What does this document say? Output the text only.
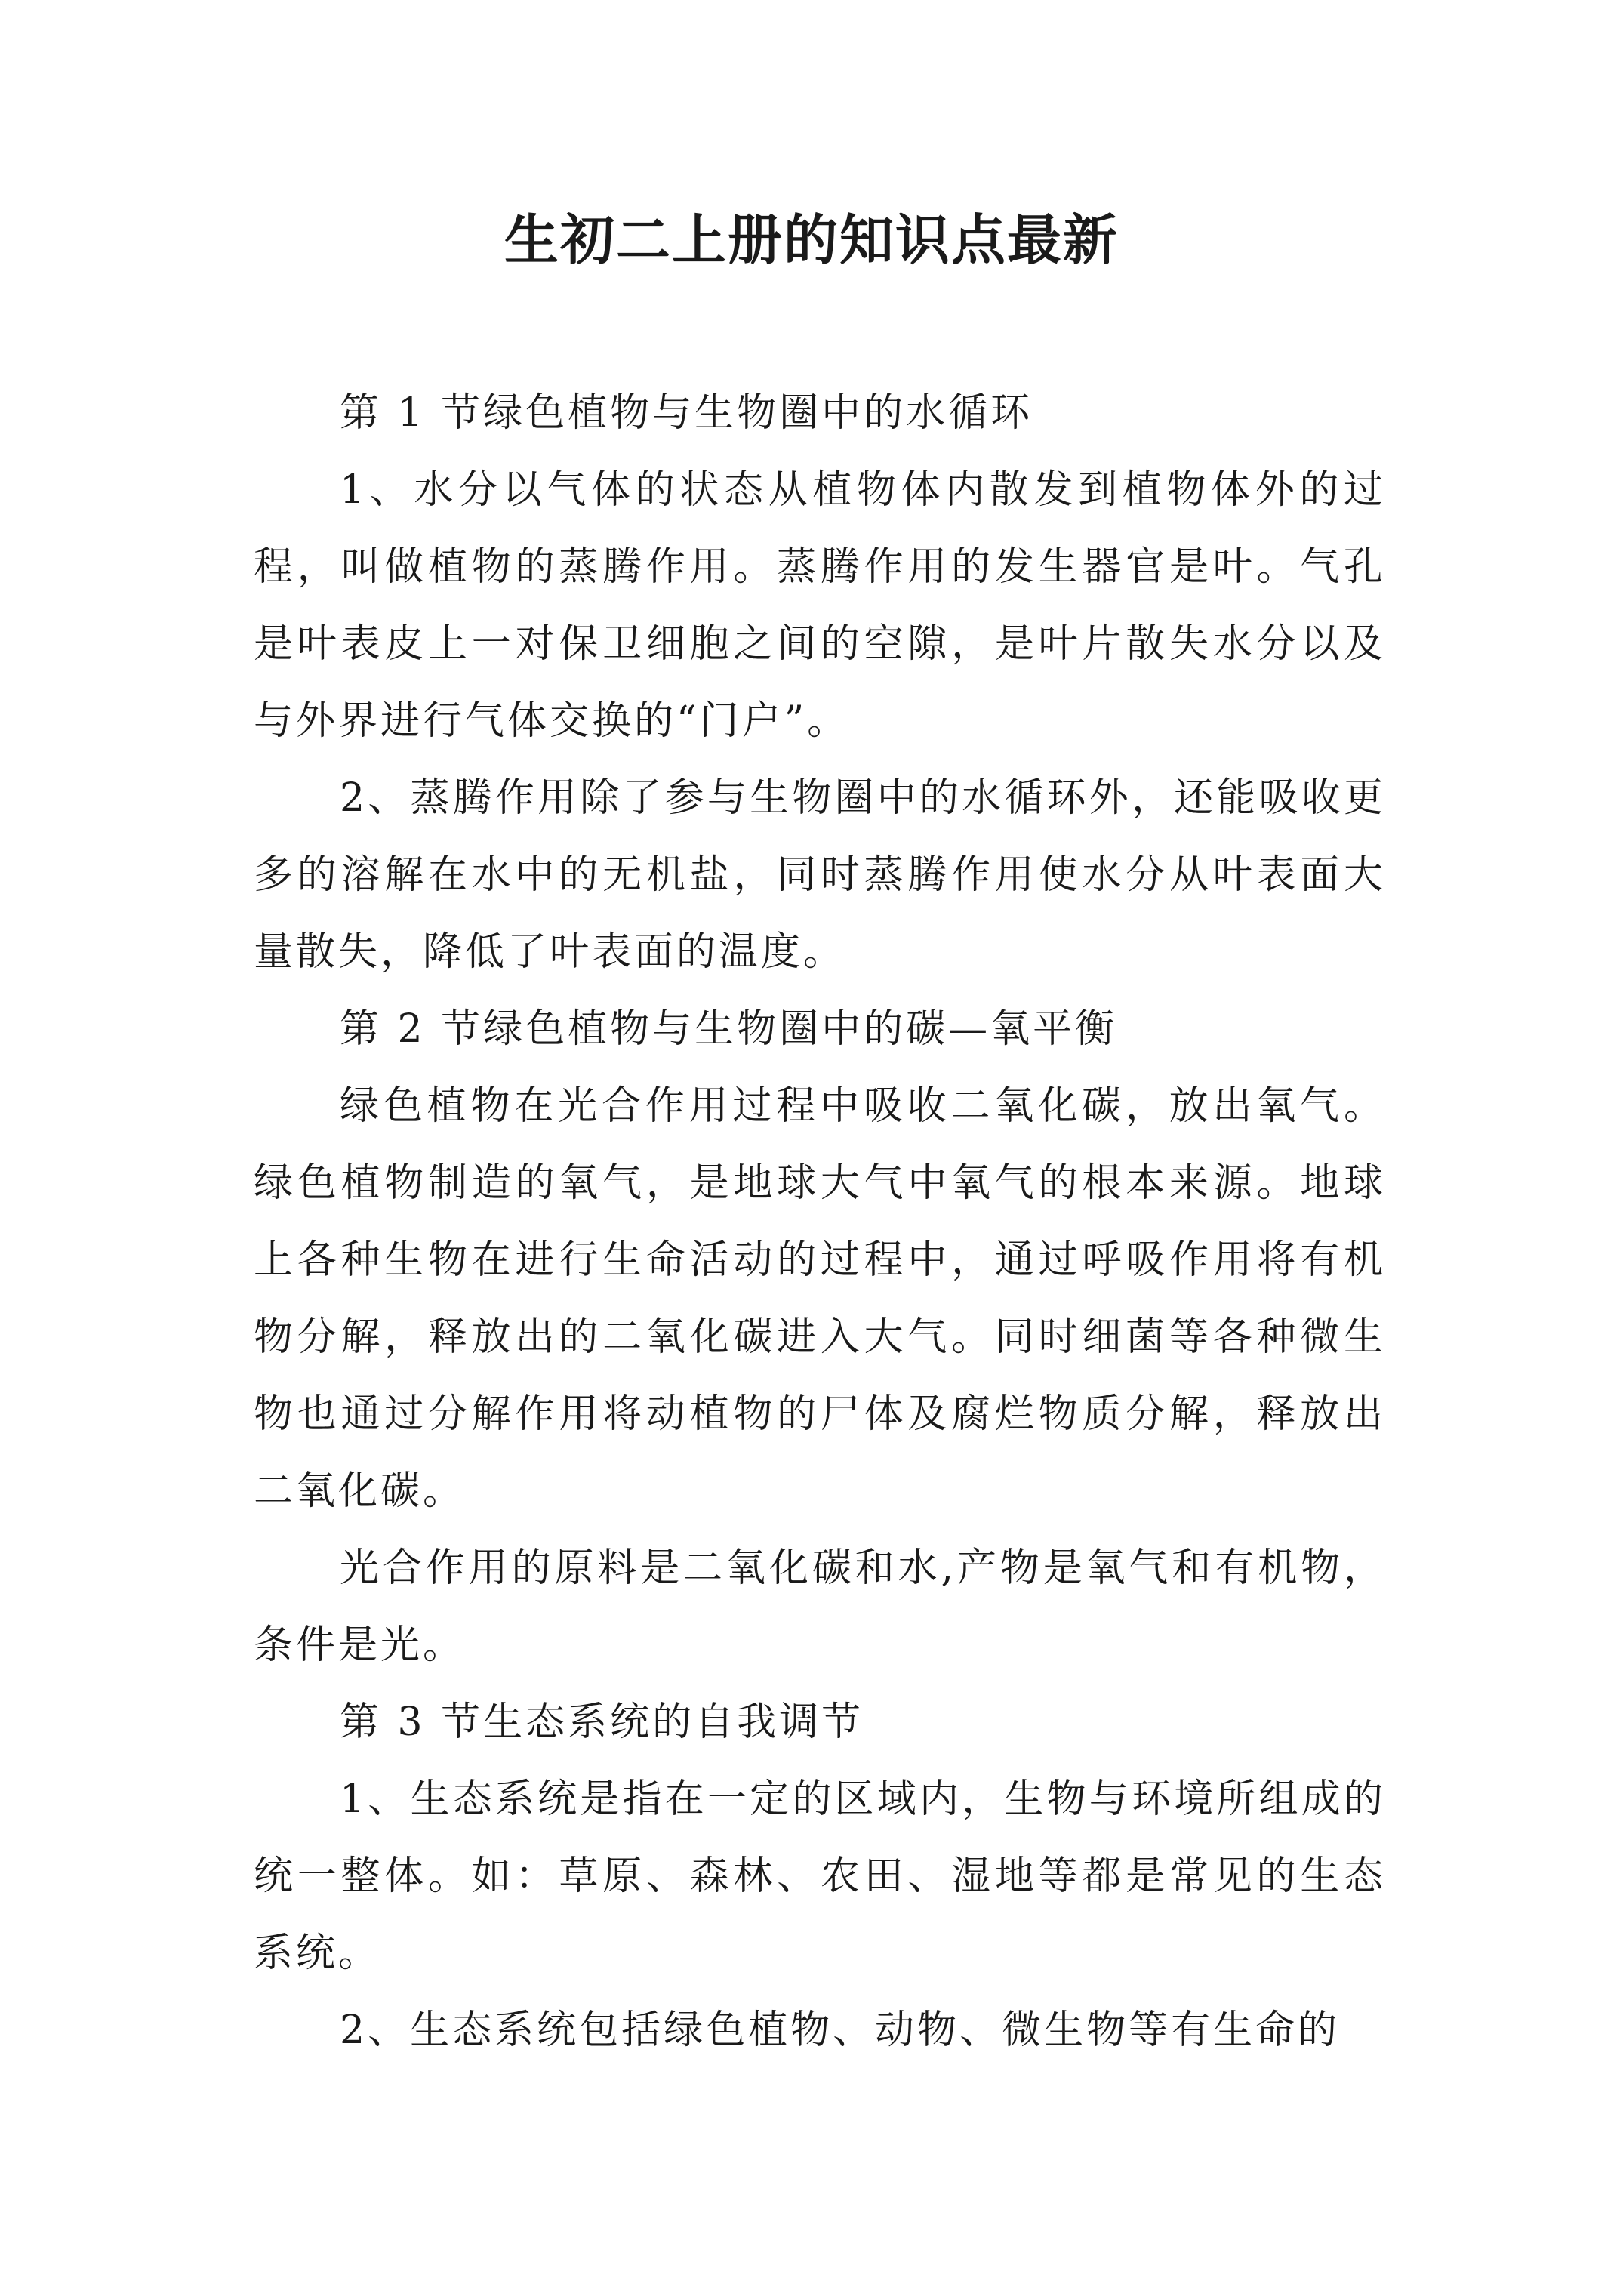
生初二上册的知识点最新

第 1 节绿色植物与生物圈中的水循环

1、水分以气体的状态从植物体内散发到植物体外的过程，叫做植物的蒸腾作用。蒸腾作用的发生器官是叶。气孔是叶表皮上一对保卫细胞之间的空隙，是叶片散失水分以及与外界进行气体交换的“门户”。

2、蒸腾作用除了参与生物圈中的水循环外，还能吸收更多的溶解在水中的无机盐，同时蒸腾作用使水分从叶表面大量散失，降低了叶表面的温度。

第 2 节绿色植物与生物圈中的碳—氧平衡

绿色植物在光合作用过程中吸收二氧化碳，放出氧气。绿色植物制造的氧气，是地球大气中氧气的根本来源。地球上各种生物在进行生命活动的过程中，通过呼吸作用将有机物分解，释放出的二氧化碳进入大气。同时细菌等各种微生物也通过分解作用将动植物的尸体及腐烂物质分解，释放出二氧化碳。

光合作用的原料是二氧化碳和水,产物是氧气和有机物，条件是光。

第 3 节生态系统的自我调节

1、生态系统是指在一定的区域内，生物与环境所组成的统一整体。如：草原、森林、农田、湿地等都是常见的生态系统。

2、生态系统包括绿色植物、动物、微生物等有生命的
